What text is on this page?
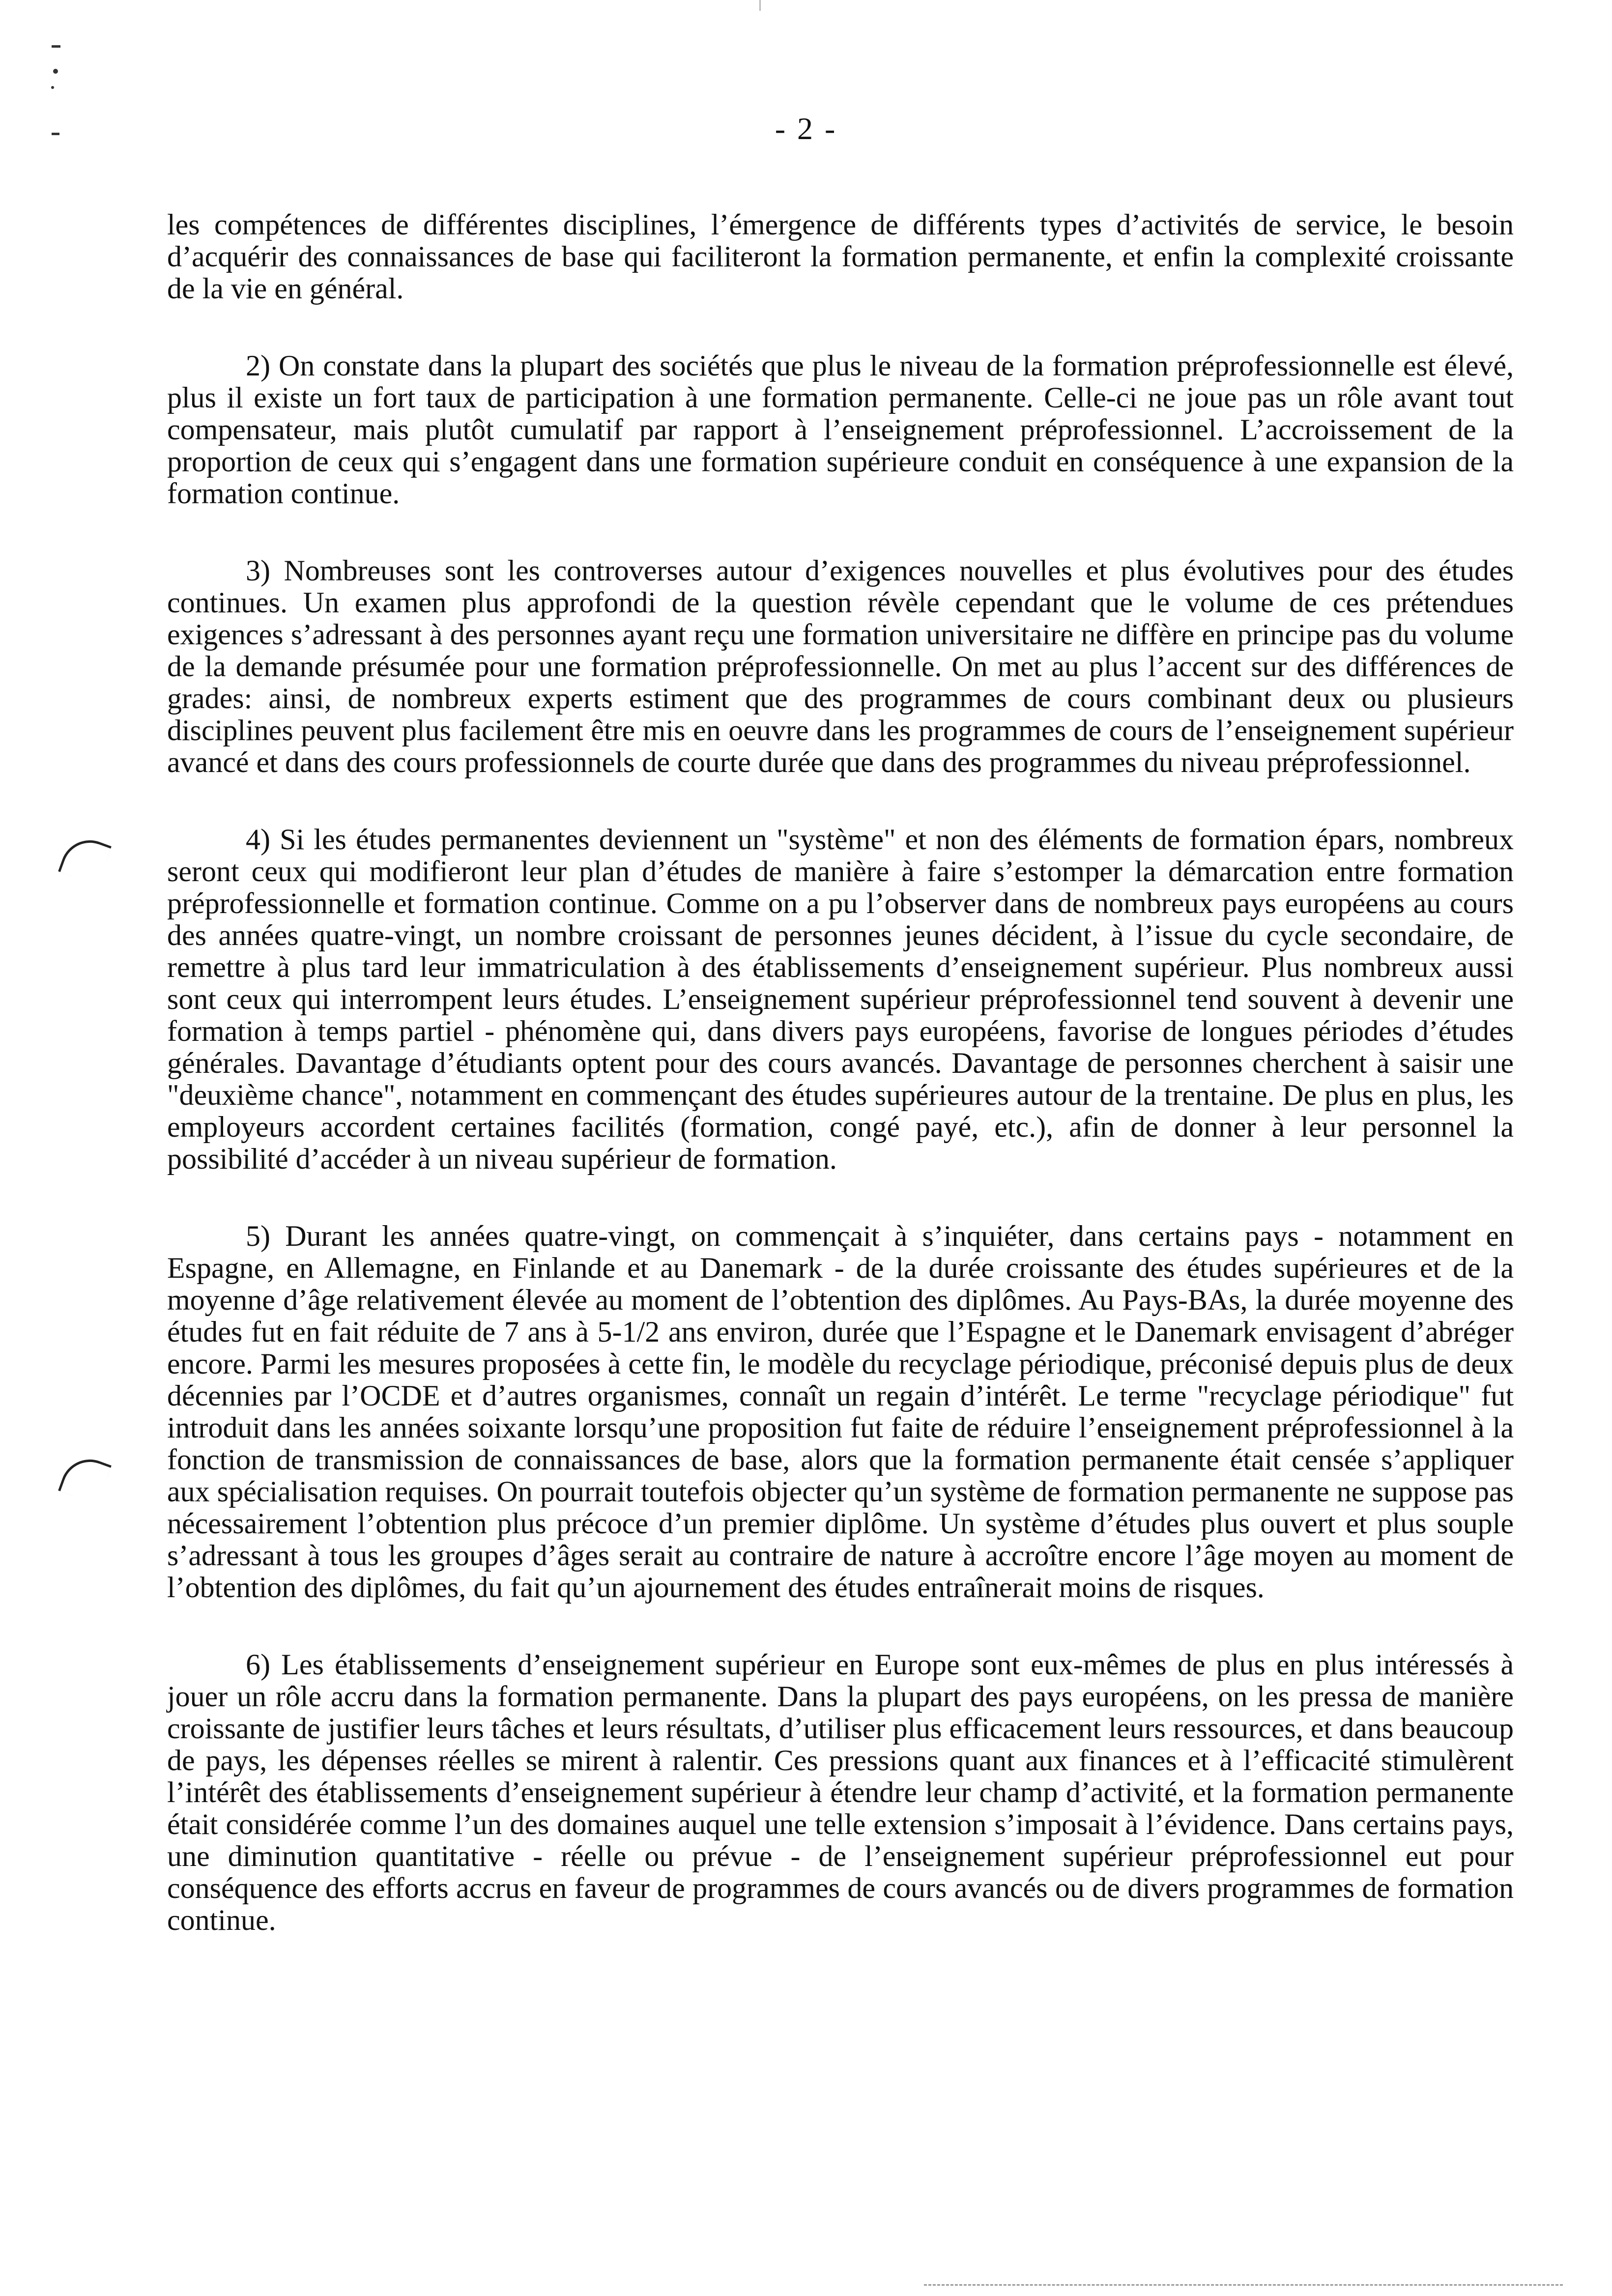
- 2 -

les compétences de différentes disciplines, l’émergence de différents types d’activités de service, le besoin d’acquérir des connaissances de base qui faciliteront la formation permanente, et enfin la complexité croissante de la vie en général.

2) On constate dans la plupart des sociétés que plus le niveau de la formation préprofessionnelle est élevé, plus il existe un fort taux de participation à une formation permanente. Celle-ci ne joue pas un rôle avant tout compensateur, mais plutôt cumulatif par rapport à l’enseignement préprofessionnel. L’accroissement de la proportion de ceux qui s’engagent dans une formation supérieure conduit en conséquence à une expansion de la formation continue.

3) Nombreuses sont les controverses autour d’exigences nouvelles et plus évolutives pour des études continues. Un examen plus approfondi de la question révèle cependant que le volume de ces prétendues exigences s’adressant à des personnes ayant reçu une formation universitaire ne diffère en principe pas du volume de la demande présumée pour une formation préprofessionnelle. On met au plus l’accent sur des différences de grades: ainsi, de nombreux experts estiment que des programmes de cours combinant deux ou plusieurs disciplines peuvent plus facilement être mis en oeuvre dans les programmes de cours de l’enseignement supérieur avancé et dans des cours professionnels de courte durée que dans des programmes du niveau préprofessionnel.

4) Si les études permanentes deviennent un "système" et non des éléments de formation épars, nombreux seront ceux qui modifieront leur plan d’études de manière à faire s’estomper la démarcation entre formation préprofessionnelle et formation continue. Comme on a pu l’observer dans de nombreux pays européens au cours des années quatre-vingt, un nombre croissant de personnes jeunes décident, à l’issue du cycle secondaire, de remettre à plus tard leur immatriculation à des établissements d’enseignement supérieur. Plus nombreux aussi sont ceux qui interrompent leurs études. L’enseignement supérieur préprofessionnel tend souvent à devenir une formation à temps partiel - phénomène qui, dans divers pays européens, favorise de longues périodes d’études générales. Davantage d’étudiants optent pour des cours avancés. Davantage de personnes cherchent à saisir une "deuxième chance", notamment en commençant des études supérieures autour de la trentaine. De plus en plus, les employeurs accordent certaines facilités (formation, congé payé, etc.), afin de donner à leur personnel la possibilité d’accéder à un niveau supérieur de formation.

5) Durant les années quatre-vingt, on commençait à s’inquiéter, dans certains pays - notamment en Espagne, en Allemagne, en Finlande et au Danemark - de la durée croissante des études supérieures et de la moyenne d’âge relativement élevée au moment de l’obtention des diplômes. Au Pays-BAs, la durée moyenne des études fut en fait réduite de 7 ans à 5-1/2 ans environ, durée que l’Espagne et le Danemark envisagent d’abréger encore. Parmi les mesures proposées à cette fin, le modèle du recyclage périodique, préconisé depuis plus de deux décennies par l’OCDE et d’autres organismes, connaît un regain d’intérêt. Le terme "recyclage périodique" fut introduit dans les années soixante lorsqu’une proposition fut faite de réduire l’enseignement préprofessionnel à la fonction de transmission de connaissances de base, alors que la formation permanente était censée s’appliquer aux spécialisation requises. On pourrait toutefois objecter qu’un système de formation permanente ne suppose pas nécessairement l’obtention plus précoce d’un premier diplôme. Un système d’études plus ouvert et plus souple s’adressant à tous les groupes d’âges serait au contraire de nature à accroître encore l’âge moyen au moment de l’obtention des diplômes, du fait qu’un ajournement des études entraînerait moins de risques.

6) Les établissements d’enseignement supérieur en Europe sont eux-mêmes de plus en plus intéressés à jouer un rôle accru dans la formation permanente. Dans la plupart des pays européens, on les pressa de manière croissante de justifier leurs tâches et leurs résultats, d’utiliser plus efficacement leurs ressources, et dans beaucoup de pays, les dépenses réelles se mirent à ralentir. Ces pressions quant aux finances et à l’efficacité stimulèrent l’intérêt des établissements d’enseignement supérieur à étendre leur champ d’activité, et la formation permanente était considérée comme l’un des domaines auquel une telle extension s’imposait à l’évidence. Dans certains pays, une diminution quantitative - réelle ou prévue - de l’enseignement supérieur préprofessionnel eut pour conséquence des efforts accrus en faveur de programmes de cours avancés ou de divers programmes de formation continue.
